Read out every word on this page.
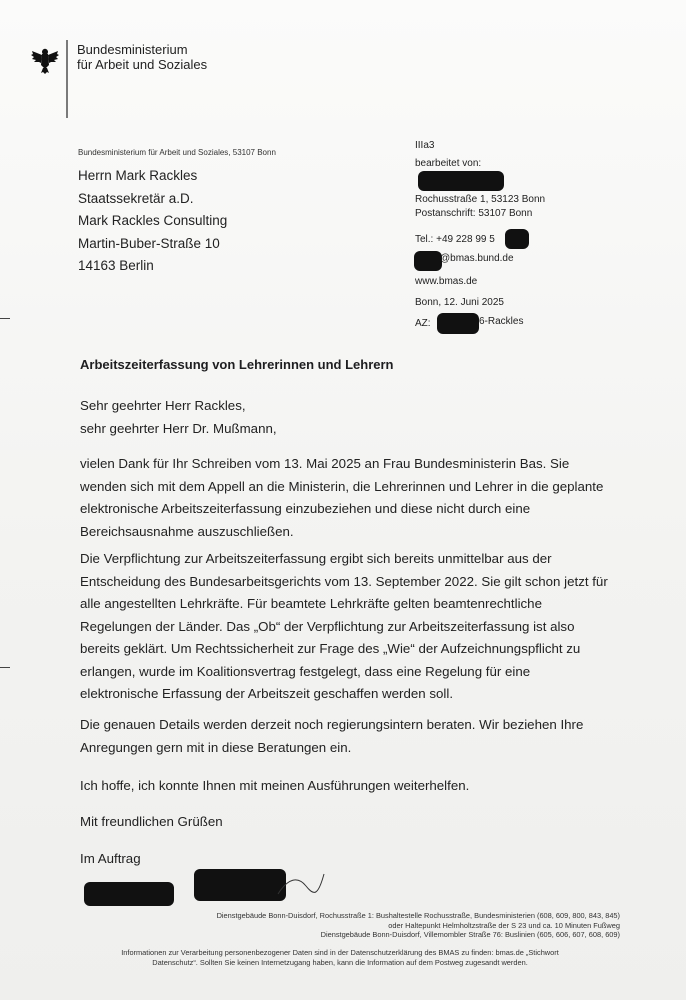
Bundesministerium
für Arbeit und Soziales
Bundesministerium für Arbeit und Soziales, 53107 Bonn
Herrn Mark Rackles
Staatssekretär a.D.
Mark Rackles Consulting
Martin-Buber-Straße 10
14163 Berlin
IIIa3
bearbeitet von:
Rochusstraße 1, 53123 Bonn
Postanschrift: 53107 Bonn
Tel.: +49 228 99 5
@bmas.bund.de
www.bmas.de
Bonn, 12. Juni 2025
AZ:	6-Rackles
Arbeitszeiterfassung von Lehrerinnen und Lehrern
Sehr geehrter Herr Rackles,
sehr geehrter Herr Dr. Mußmann,
vielen Dank für Ihr Schreiben vom 13. Mai 2025 an Frau Bundesministerin Bas. Sie
wenden sich mit dem Appell an die Ministerin, die Lehrerinnen und Lehrer in die geplante
elektronische Arbeitszeiterfassung einzubeziehen und diese nicht durch eine
Bereichsausnahme auszuschließen.
Die Verpflichtung zur Arbeitszeiterfassung ergibt sich bereits unmittelbar aus der
Entscheidung des Bundesarbeitsgerichts vom 13. September 2022. Sie gilt schon jetzt für
alle angestellten Lehrkräfte. Für beamtete Lehrkräfte gelten beamtenrechtliche
Regelungen der Länder. Das „Ob“ der Verpflichtung zur Arbeitszeiterfassung ist also
bereits geklärt. Um Rechtssicherheit zur Frage des „Wie“ der Aufzeichnungspflicht zu
erlangen, wurde im Koalitionsvertrag festgelegt, dass eine Regelung für eine
elektronische Erfassung der Arbeitszeit geschaffen werden soll.
Die genauen Details werden derzeit noch regierungsintern beraten. Wir beziehen Ihre
Anregungen gern mit in diese Beratungen ein.
Ich hoffe, ich konnte Ihnen mit meinen Ausführungen weiterhelfen.
Mit freundlichen Grüßen
Im Auftrag
Dienstgebäude Bonn-Duisdorf, Rochusstraße 1: Bushaltestelle Rochusstraße, Bundesministerien (608, 609, 800, 843, 845)
oder Haltepunkt Helmholtzstraße der S 23 und ca. 10 Minuten Fußweg
Dienstgebäude Bonn-Duisdorf, Villemombler Straße 76: Buslinien (605, 606, 607, 608, 609)
Informationen zur Verarbeitung personenbezogener Daten sind in der Datenschutzerklärung des BMAS zu finden: bmas.de „Stichwort
Datenschutz“. Sollten Sie keinen Internetzugang haben, kann die Information auf dem Postweg zugesandt werden.
